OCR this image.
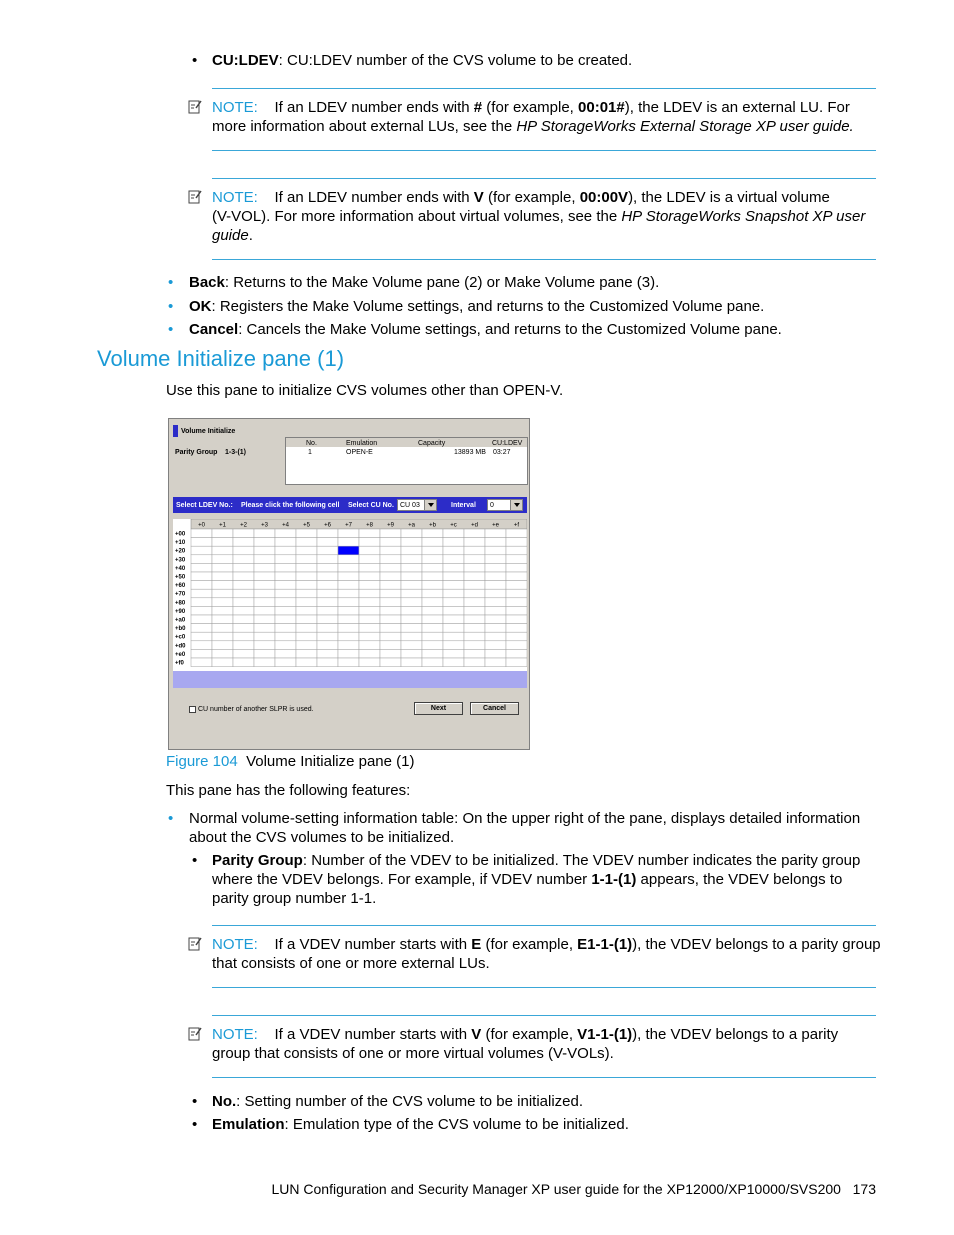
• CU:LDEV: CU:LDEV number of the CVS volume to be created.
NOTE: If an LDEV number ends with # (for example, 00:01#), the LDEV is an external LU. For
more information about external LUs, see the HP StorageWorks External Storage XP user guide.
NOTE: If an LDEV number ends with V (for example, 00:00V), the LDEV is a virtual volume
(V-VOL). For more information about virtual volumes, see the HP StorageWorks Snapshot XP user
guide.
• Back: Returns to the Make Volume pane (2) or Make Volume pane (3).
• OK: Registers the Make Volume settings, and returns to the Customized Volume pane.
• Cancel: Cancels the Make Volume settings, and returns to the Customized Volume pane.
Volume Initialize pane (1)
Use this pane to initialize CVS volumes other than OPEN-V.
Volume Initialize
Parity Group 1-3-(1)
No.	Emulation	Capacity	CU:LDEV
1	OPEN-E	13893 MB 03:27
Select LDEV No.: Please click the following cell Select CU No. CU 03	Interval 0
+0 +1 +2 +3 +4 +5 +6 +7 +8 +9 +a +b +c +d +e +f
+00
+10
+20
+30
+40
+50
+60
+70
+80
+90
+a0
+b0
+c0
+d0
+e0
+f0
CU number of another SLPR is used.	Next	Cancel
Figure 104 Volume Initialize pane (1)
This pane has the following features:
• Normal volume-setting information table: On the upper right of the pane, displays detailed information
about the CVS volumes to be initialized.
• Parity Group: Number of the VDEV to be initialized. The VDEV number indicates the parity group
where the VDEV belongs. For example, if VDEV number 1-1-(1) appears, the VDEV belongs to
parity group number 1-1.
NOTE: If a VDEV number starts with E (for example, E1-1-(1)), the VDEV belongs to a parity group
that consists of one or more external LUs.
NOTE: If a VDEV number starts with V (for example, V1-1-(1)), the VDEV belongs to a parity
group that consists of one or more virtual volumes (V-VOLs).
• No.: Setting number of the CVS volume to be initialized.
• Emulation: Emulation type of the CVS volume to be initialized.
LUN Configuration and Security Manager XP user guide for the XP12000/XP10000/SVS200 173
